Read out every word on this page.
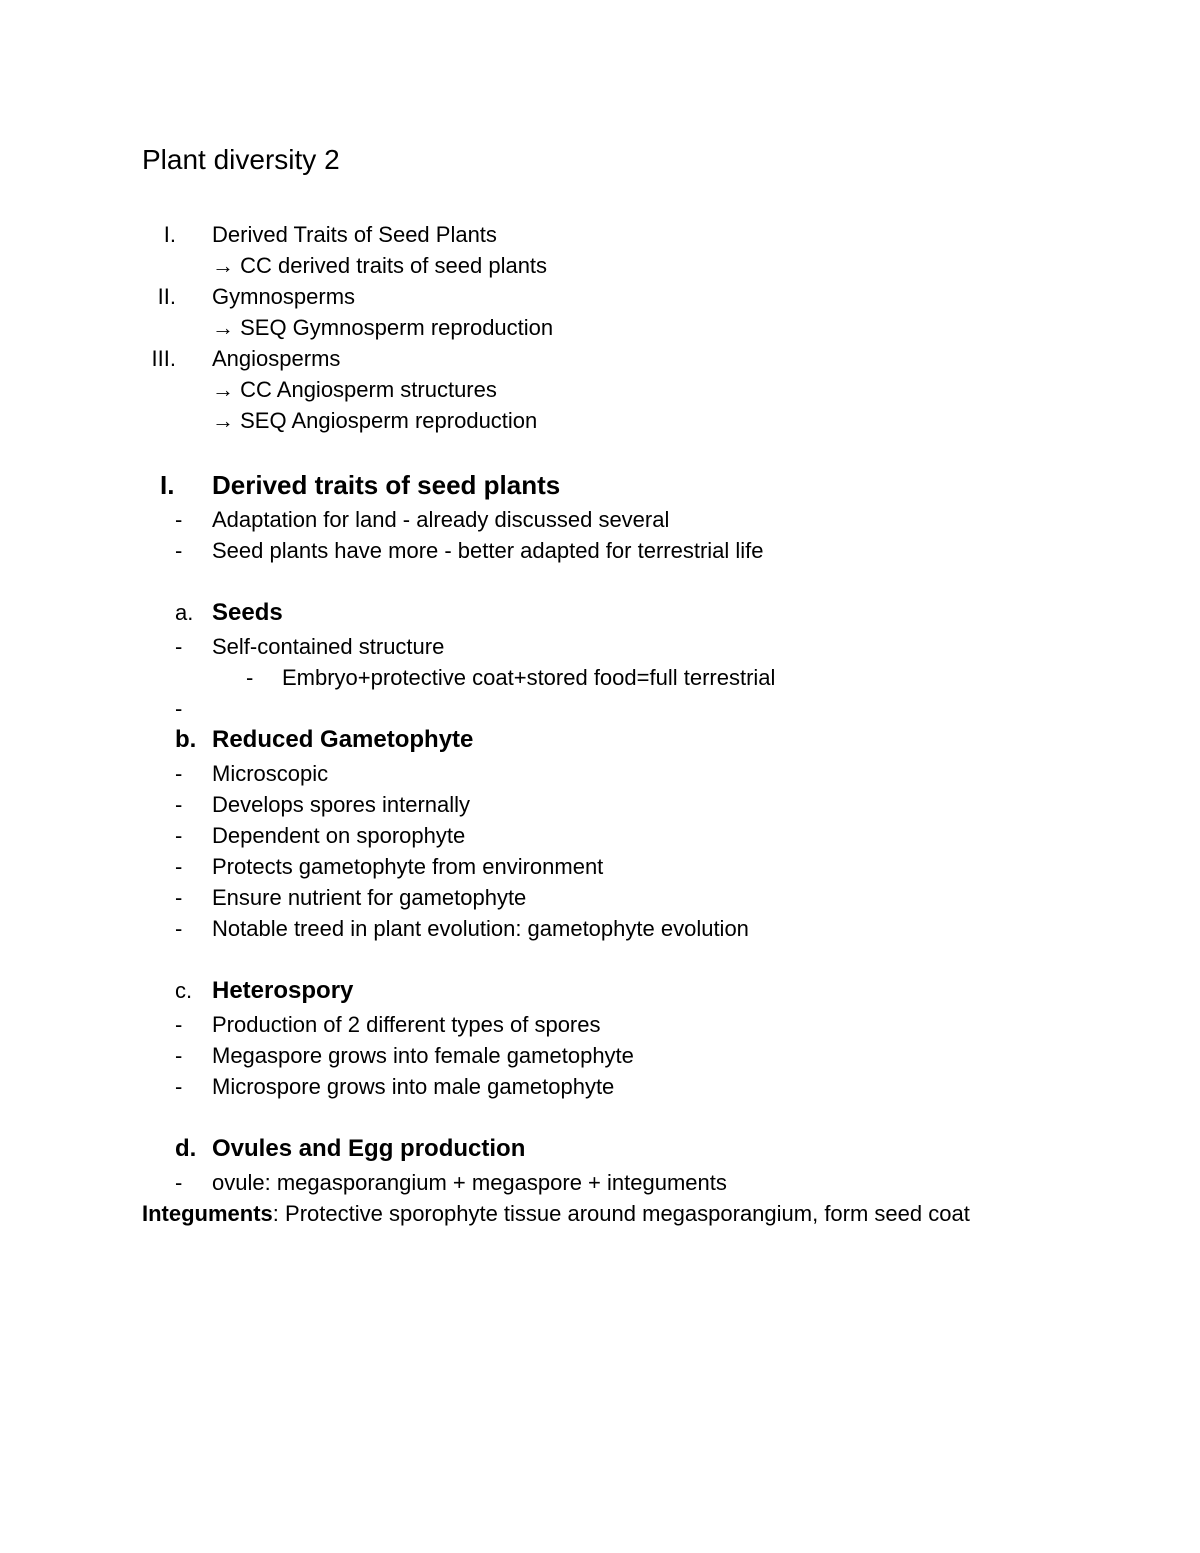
Plant diversity 2
I. Derived Traits of Seed Plants
→ CC derived traits of seed plants
II. Gymnosperms
→ SEQ Gymnosperm reproduction
III. Angiosperms
→ CC Angiosperm structures
→ SEQ Angiosperm reproduction
I. Derived traits of seed plants
- Adaptation for land - already discussed several
- Seed plants have more - better adapted for terrestrial life
a. Seeds
- Self-contained structure
- Embryo+protective coat+stored food=full terrestrial
-
b. Reduced Gametophyte
- Microscopic
- Develops spores internally
- Dependent on sporophyte
- Protects gametophyte from environment
- Ensure nutrient for gametophyte
- Notable treed in plant evolution: gametophyte evolution
c. Heterospory
- Production of 2 different types of spores
- Megaspore grows into female gametophyte
- Microspore grows into male gametophyte
d. Ovules and Egg production
- ovule: megasporangium + megaspore + integuments
Integuments: Protective sporophyte tissue around megasporangium, form seed coat
